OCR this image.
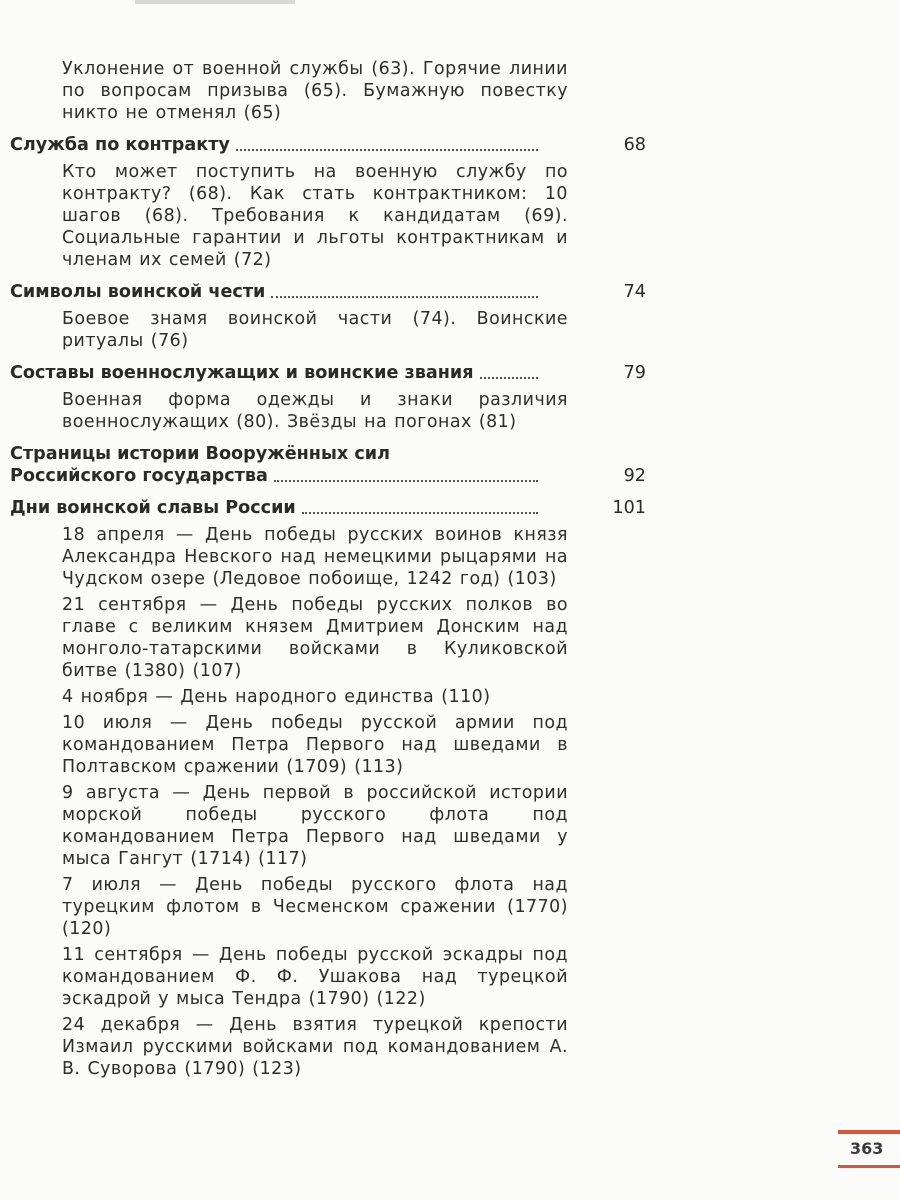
Уклонение от военной службы (63). Горячие линии по вопросам призыва (65). Бумажную повестку никто не отменял (65)

Служба по контракту	68

Кто может поступить на военную службу по контракту? (68). Как стать контрактником: 10 шагов (68). Требования к кандидатам (69). Социальные гарантии и льготы контрактникам и членам их семей (72)

Символы воинской чести	74

Боевое знамя воинской части (74). Воинские ритуалы (76)

Составы военнослужащих и воинские звания	79

Военная форма одежды и знаки различия военнослужащих (80). Звёзды на погонах (81)

Страницы истории Вооружённых сил
Российского государства	92
Дни воинской славы России	101

18 апреля — День победы русских воинов князя Александра Невского над немецкими рыцарями на Чудском озере (Ледовое побоище, 1242 год) (103)

21 сентября — День победы русских полков во главе с великим князем Дмитрием Донским над монголо-татарскими войсками в Куликовской битве (1380) (107)

4 ноября — День народного единства (110)

10 июля — День победы русской армии под командованием Петра Первого над шведами в Полтавском сражении (1709) (113)

9 августа — День первой в российской истории морской победы русского флота под командованием Петра Первого над шведами у мыса Гангут (1714) (117)

7 июля — День победы русского флота над турецким флотом в Чесменском сражении (1770) (120)

11 сентября — День победы русской эскадры под командованием Ф. Ф. Ушакова над турецкой эскадрой у мыса Тендра (1790) (122)

24 декабря — День взятия турецкой крепости Измаил русскими войсками под командованием А. В. Суворова (1790) (123)

363
